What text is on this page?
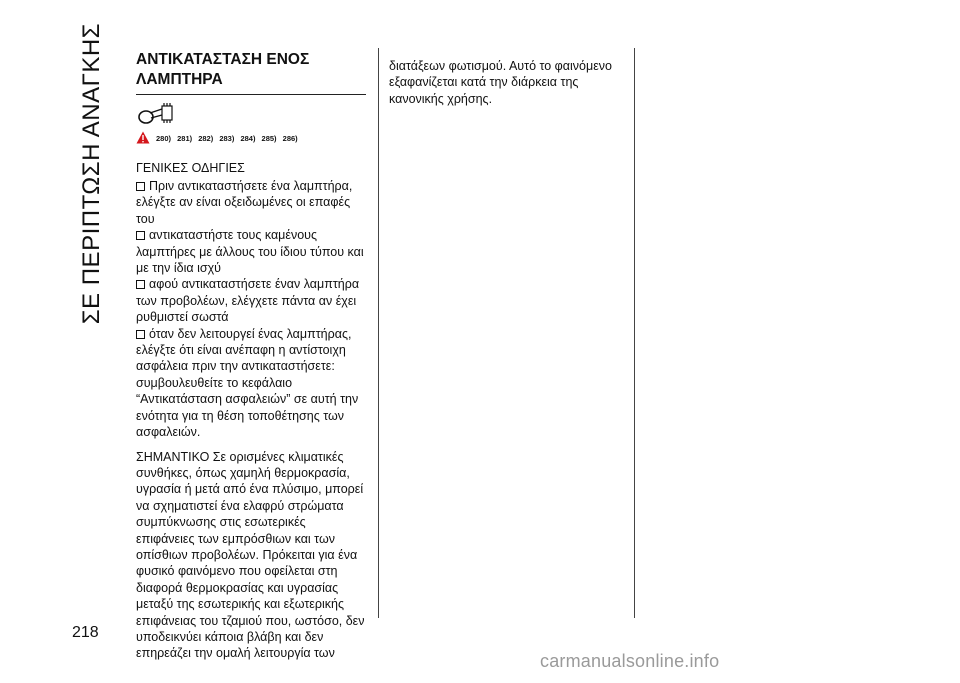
ΣΕ ΠΕΡΙΠΤΩΣΗ ΑΝΑΓΚΗΣ
218
ΑΝΤΙΚΑΤΑΣΤΑΣΗ ΕΝΟΣ
ΛΑΜΠΤΗΡΑ
280) 281) 282) 283) 284) 285) 286)
ΓΕΝΙΚΕΣ ΟΔΗΓΙΕΣ
Πριν αντικαταστήσετε ένα λαμπτήρα, ελέγξτε αν είναι οξειδωμένες οι επαφές του
αντικαταστήστε τους καμένους λαμπτήρες με άλλους του ίδιου τύπου και με την ίδια ισχύ
αφού αντικαταστήσετε έναν λαμπτήρα των προβολέων, ελέγχετε πάντα αν έχει ρυθμιστεί σωστά
όταν δεν λειτουργεί ένας λαμπτήρας, ελέγξτε ότι είναι ανέπαφη η αντίστοιχη ασφάλεια πριν την αντικαταστήσετε: συμβουλευθείτε το κεφάλαιο “Αντικατάσταση ασφαλειών” σε αυτή την ενότητα για τη θέση τοποθέτησης των ασφαλειών.
ΣΗΜΑΝΤΙΚΟ Σε ορισμένες κλιματικές συνθήκες, όπως χαμηλή θερμοκρασία, υγρασία ή μετά από ένα πλύσιμο, μπορεί να σχηματιστεί ένα ελαφρύ στρώματα συμπύκνωσης στις εσωτερικές επιφάνειες των εμπρόσθιων και των οπίσθιων προβολέων. Πρόκειται για ένα φυσικό φαινόμενο που οφείλεται στη διαφορά θερμοκρασίας και υγρασίας μεταξύ της εσωτερικής και εξωτερικής επιφάνειας του τζαμιού που, ωστόσο, δεν υποδεικνύει κάποια βλάβη και δεν επηρεάζει την ομαλή λειτουργία των
διατάξεων φωτισμού. Αυτό το φαινόμενο εξαφανίζεται κατά την διάρκεια της κανονικής χρήσης.
carmanualsonline.info
